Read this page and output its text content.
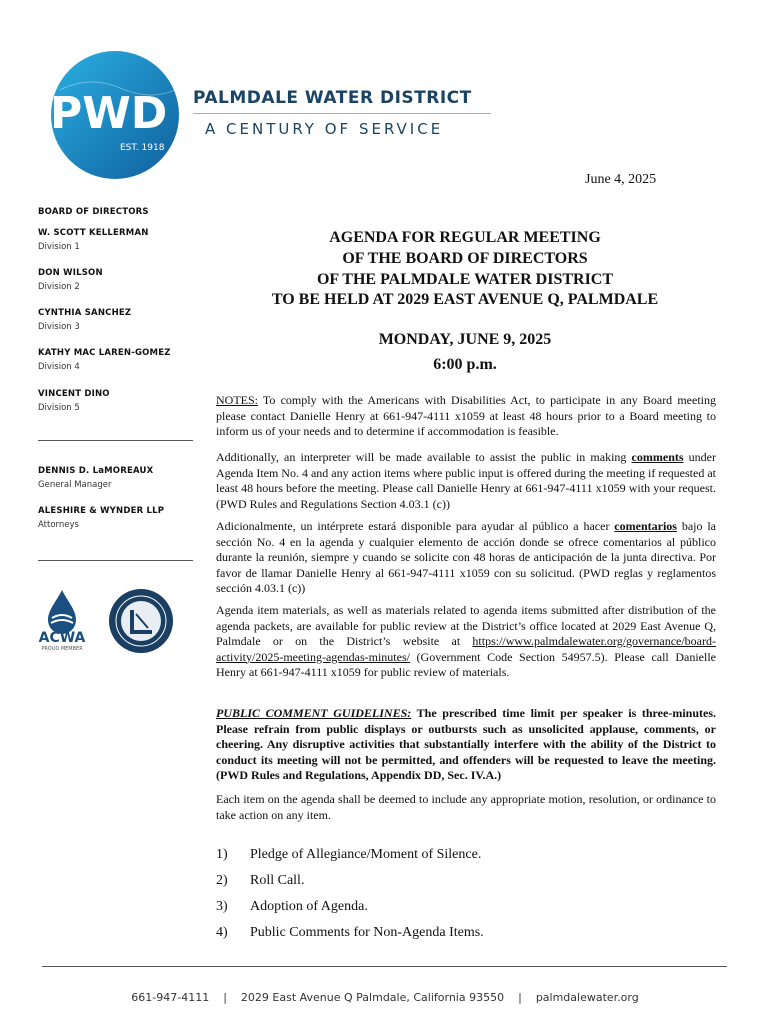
PWD
EST. 1918
PALMDALE WATER DISTRICT
A CENTURY OF SERVICE
June 4, 2025
BOARD OF DIRECTORS
W. SCOTT KELLERMAN
Division 1
DON WILSON
Division 2
CYNTHIA SANCHEZ
Division 3
KATHY MAC LAREN-GOMEZ
Division 4
VINCENT DINO
Division 5
DENNIS D. LaMOREAUX
General Manager
ALESHIRE & WYNDER LLP
Attorneys
ACWA
PROUD MEMBER
AGENDA FOR REGULAR MEETING
OF THE BOARD OF DIRECTORS
OF THE PALMDALE WATER DISTRICT
TO BE HELD AT 2029 EAST AVENUE Q, PALMDALE
MONDAY, JUNE 9, 2025
6:00 p.m.
NOTES: To comply with the Americans with Disabilities Act, to participate in any Board meeting please contact Danielle Henry at 661-947-4111 x1059 at least 48 hours prior to a Board meeting to inform us of your needs and to determine if accommodation is feasible.
Additionally, an interpreter will be made available to assist the public in making comments under Agenda Item No. 4 and any action items where public input is offered during the meeting if requested at least 48 hours before the meeting. Please call Danielle Henry at 661-947-4111 x1059 with your request. (PWD Rules and Regulations Section 4.03.1 (c))
Adicionalmente, un intérprete estará disponible para ayudar al público a hacer comentarios bajo la sección No. 4 en la agenda y cualquier elemento de acción donde se ofrece comentarios al público durante la reunión, siempre y cuando se solicite con 48 horas de anticipación de la junta directiva. Por favor de llamar Danielle Henry al 661-947-4111 x1059 con su solicitud. (PWD reglas y reglamentos sección 4.03.1 (c))
Agenda item materials, as well as materials related to agenda items submitted after distribution of the agenda packets, are available for public review at the District’s office located at 2029 East Avenue Q, Palmdale or on the District’s website at https://www.palmdalewater.org/governance/board-activity/2025-meeting-agendas-minutes/ (Government Code Section 54957.5). Please call Danielle Henry at 661-947-4111 x1059 for public review of materials.
PUBLIC COMMENT GUIDELINES: The prescribed time limit per speaker is three-minutes. Please refrain from public displays or outbursts such as unsolicited applause, comments, or cheering. Any disruptive activities that substantially interfere with the ability of the District to conduct its meeting will not be permitted, and offenders will be requested to leave the meeting. (PWD Rules and Regulations, Appendix DD, Sec. IV.A.)
Each item on the agenda shall be deemed to include any appropriate motion, resolution, or ordinance to take action on any item.
1) Pledge of Allegiance/Moment of Silence.
2) Roll Call.
3) Adoption of Agenda.
4) Public Comments for Non-Agenda Items.
661-947-4111 | 2029 East Avenue Q Palmdale, California 93550 | palmdalewater.org
